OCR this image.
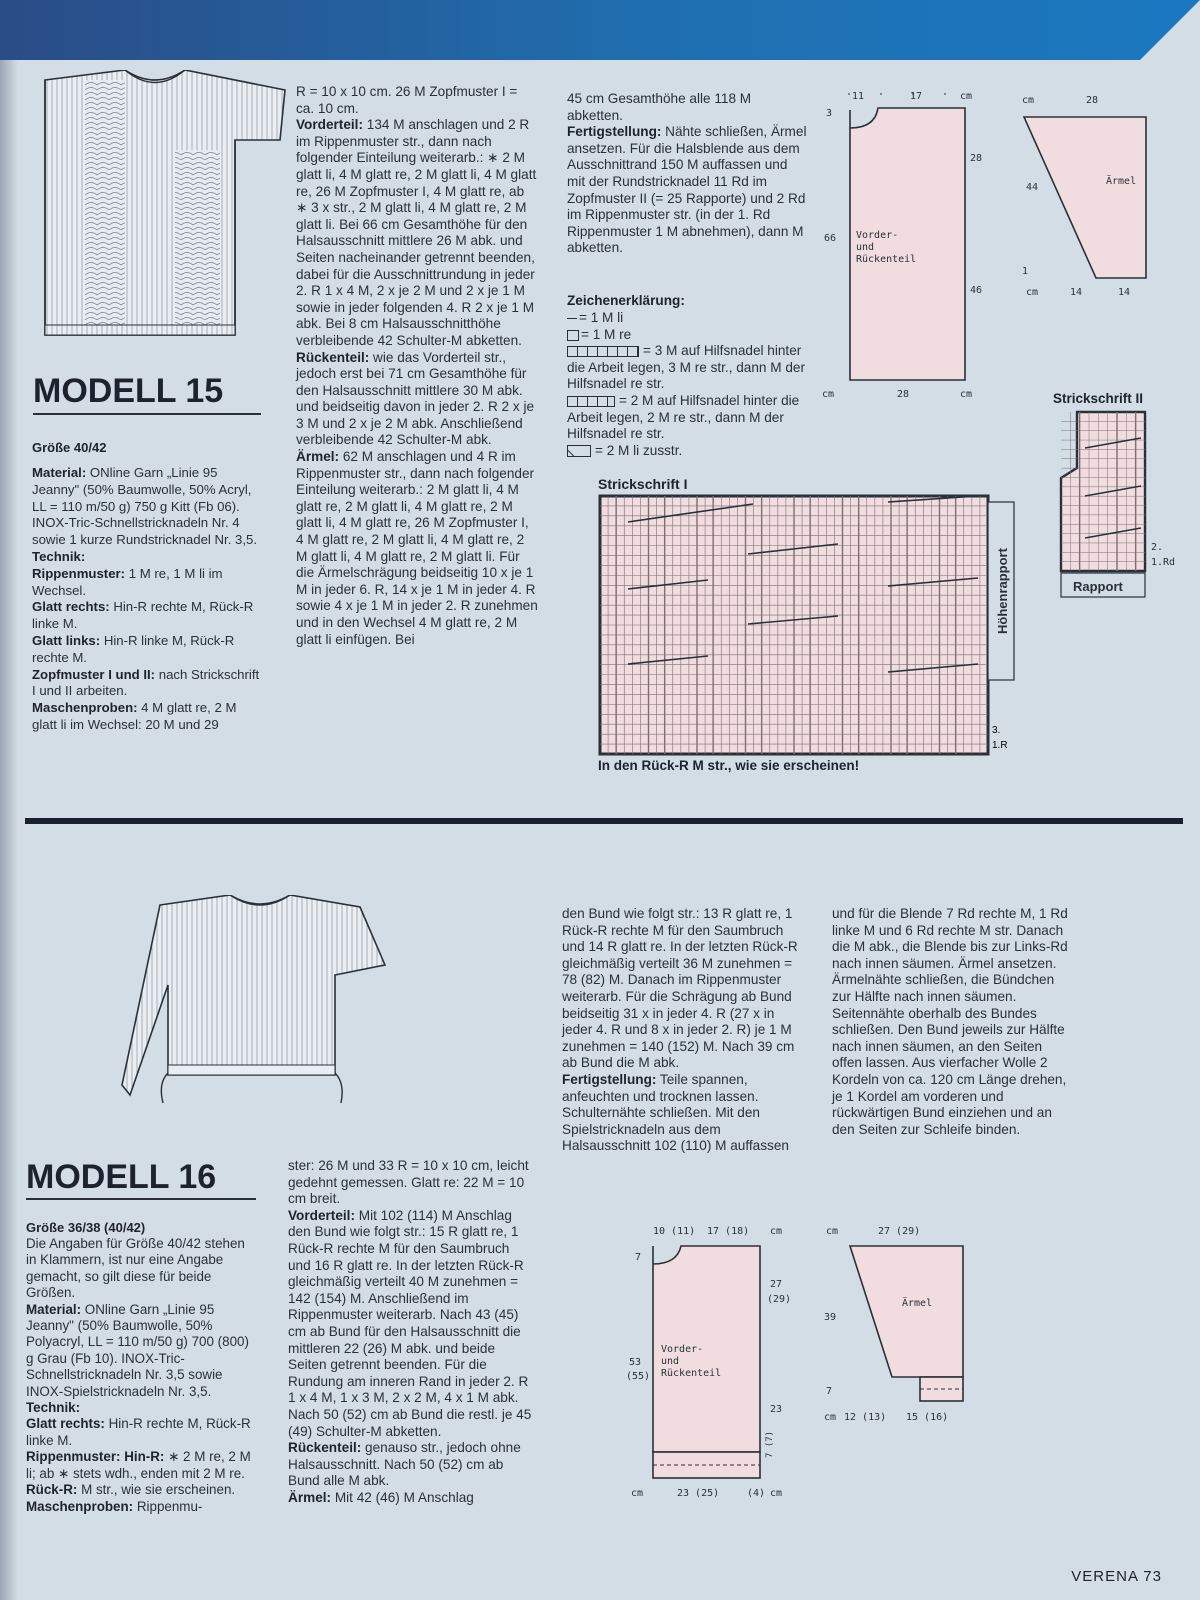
MODELL 15
Größe 40/42

Material: ONline Garn „Linie 95 Jeanny" (50% Baumwolle, 50% Acryl, LL = 110 m/50 g) 750 g Kitt (Fb 06). INOX-Tric-Schnellstricknadeln Nr. 4 sowie 1 kurze Rundstricknadel Nr. 3,5.

Technik:

Rippenmuster: 1 M re, 1 M li im Wechsel.

Glatt rechts: Hin-R rechte M, Rück-R linke M.

Glatt links: Hin-R linke M, Rück-R rechte M.

Zopfmuster I und II: nach Strickschrift I und II arbeiten.

Maschenproben: 4 M glatt re, 2 M glatt li im Wechsel: 20 M und 29

R = 10 x 10 cm. 26 M Zopfmuster I = ca. 10 cm.

Vorderteil: 134 M anschlagen und 2 R im Rippenmuster str., dann nach folgender Einteilung weiterarb.: ∗ 2 M glatt li, 4 M glatt re, 2 M glatt li, 4 M glatt re, 26 M Zopfmuster I, 4 M glatt re, ab ∗ 3 x str., 2 M glatt li, 4 M glatt re, 2 M glatt li. Bei 66 cm Gesamthöhe für den Halsausschnitt mittlere 26 M abk. und Seiten nacheinander getrennt beenden, dabei für die Ausschnittrundung in jeder 2. R 1 x 4 M, 2 x je 2 M und 2 x je 1 M sowie in jeder folgenden 4. R 2 x je 1 M abk. Bei 8 cm Halsausschnitthöhe verbleibende 42 Schulter-M abketten.

Rückenteil: wie das Vorderteil str., jedoch erst bei 71 cm Gesamthöhe für den Halsausschnitt mittlere 30 M abk. und beidseitig davon in jeder 2. R 2 x je 3 M und 2 x je 2 M abk. Anschließend verbleibende 42 Schulter-M abk.

Ärmel: 62 M anschlagen und 4 R im Rippenmuster str., dann nach folgender Einteilung weiterarb.: 2 M glatt li, 4 M glatt re, 2 M glatt li, 4 M glatt re, 2 M glatt li, 4 M glatt re, 26 M Zopfmuster I, 4 M glatt re, 2 M glatt li, 4 M glatt re, 2 M glatt li, 4 M glatt re, 2 M glatt li. Für die Ärmelschrägung beidseitig 10 x je 1 M in jeder 6. R, 14 x je 1 M in jeder 4. R sowie 4 x je 1 M in jeder 2. R zunehmen und in den Wechsel 4 M glatt re, 2 M glatt li einfügen. Bei

45 cm Gesamthöhe alle 118 M abketten.

Fertigstellung: Nähte schließen, Ärmel ansetzen. Für die Halsblende aus dem Ausschnittrand 150 M auffassen und mit der Rundstricknadel 11 Rd im Zopfmuster II (= 25 Rapporte) und 2 Rd im Rippenmuster str. (in der 1. Rd Rippenmuster 1 M abnehmen), dann M abketten.

Zeichenerklärung:
= 1 M li
= 1 M re
= 3 M auf Hilfsnadel hinter die Arbeit legen, 3 M re str., dann M der Hilfsnadel re str.
= 2 M auf Hilfsnadel hinter die Arbeit legen, 2 M re str., dann M der Hilfsnadel re str.
= 2 M li zusstr.
Strickschrift I
Höhenrapport
3.
1.R
In den Rück-R M str., wie sie erscheinen!
11	17	cm
3
28
46
66 Vorder-
und
Rückenteil
cm	28	cm
cm	28
44
Ärmel
1
cm	14	14
Strickschrift II
Rapport
2.
1.Rd
MODELL 16
Größe 36/38 (40/42)

Die Angaben für Größe 40/42 stehen in Klammern, ist nur eine Angabe gemacht, so gilt diese für beide Größen.

Material: ONline Garn „Linie 95 Jeanny" (50% Baumwolle, 50% Polyacryl, LL = 110 m/50 g) 700 (800) g Grau (Fb 10). INOX-Tric-Schnellstricknadeln Nr. 3,5 sowie INOX-Spielstricknadeln Nr. 3,5.

Technik:

Glatt rechts: Hin-R rechte M, Rück-R linke M.

Rippenmuster: Hin-R: ∗ 2 M re, 2 M li; ab ∗ stets wdh., enden mit 2 M re.

Rück-R: M str., wie sie erscheinen.

Maschenproben: Rippenmu-

ster: 26 M und 33 R = 10 x 10 cm, leicht gedehnt gemessen. Glatt re: 22 M = 10 cm breit.

Vorderteil: Mit 102 (114) M Anschlag den Bund wie folgt str.: 15 R glatt re, 1 Rück-R rechte M für den Saumbruch und 16 R glatt re. In der letzten Rück-R gleichmäßig verteilt 40 M zunehmen = 142 (154) M. Anschließend im Rippenmuster weiterarb. Nach 43 (45) cm ab Bund für den Halsausschnitt die mittleren 22 (26) M abk. und beide Seiten getrennt beenden. Für die Rundung am inneren Rand in jeder 2. R 1 x 4 M, 1 x 3 M, 2 x 2 M, 4 x 1 M abk. Nach 50 (52) cm ab Bund die restl. je 45 (49) Schulter-M abketten.

Rückenteil: genauso str., jedoch ohne Halsausschnitt. Nach 50 (52) cm ab Bund alle M abk.

Ärmel: Mit 42 (46) M Anschlag

den Bund wie folgt str.: 13 R glatt re, 1 Rück-R rechte M für den Saumbruch und 14 R glatt re. In der letzten Rück-R gleichmäßig verteilt 36 M zunehmen = 78 (82) M. Danach im Rippenmuster weiterarb. Für die Schrägung ab Bund beidseitig 31 x in jeder 4. R (27 x in jeder 4. R und 8 x in jeder 2. R) je 1 M zunehmen = 140 (152) M. Nach 39 cm ab Bund die M abk.

Fertigstellung: Teile spannen, anfeuchten und trocknen lassen. Schulternähte schließen. Mit den Spielstricknadeln aus dem Halsausschnitt 102 (110) M auffassen

und für die Blende 7 Rd rechte M, 1 Rd linke M und 6 Rd rechte M str. Danach die M abk., die Blende bis zur Links-Rd nach innen säumen. Ärmel ansetzen. Ärmelnähte schließen, die Bündchen zur Hälfte nach innen säumen. Seitennähte oberhalb des Bundes schließen. Den Bund jeweils zur Hälfte nach innen säumen, an den Seiten offen lassen. Aus vierfacher Wolle 2 Kordeln von ca. 120 cm Länge drehen, je 1 Kordel am vorderen und rückwärtigen Bund einziehen und an den Seiten zur Schleife binden.

10 (11) 17 (18) cm
7
27
(29)
23
53
(55)
Vorder-
und
Rückenteil
7 (7)
cm	23 (25)	(4) cm
cm	27 (29)
39
Ärmel
7
cm 12 (13) 15 (16)
VERENA 73
